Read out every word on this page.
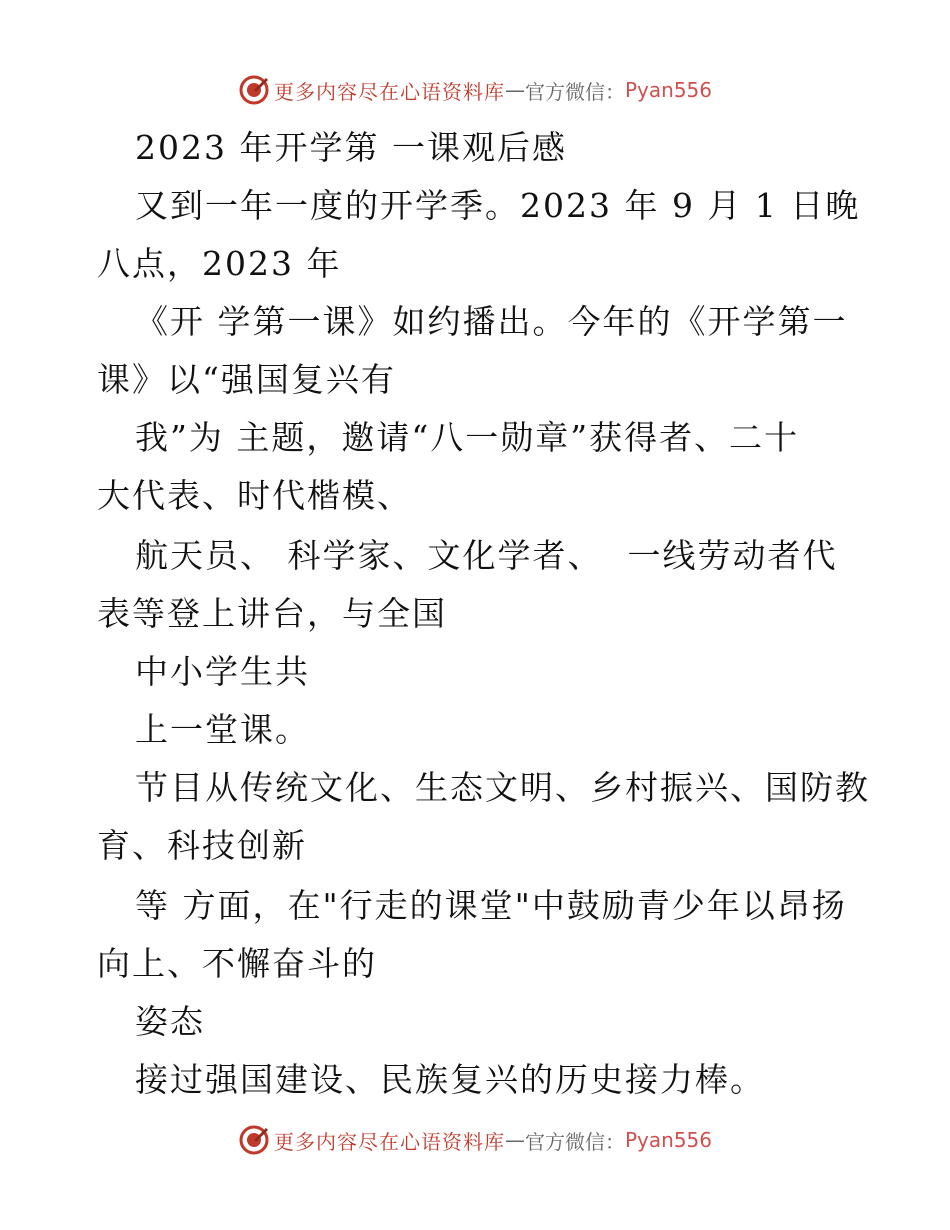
更多内容尽在心语资料库 — 官方微信： Pyan556
2023 年开学第 一课观后感
又到一年一度的开学季。2023 年 9 月 1 日晚
八点，2023 年
《开 学第一课》如约播出。今年的《开学第一
课》以“强国复兴有
我”为 主题，邀请“八一勋章”获得者、二十
大代表、时代楷模、
航天员、 科学家、文化学者、  一线劳动者代
表等登上讲台，与全国
中小学生共
上一堂课。
节目从传统文化、生态文明、乡村振兴、国防教
育、科技创新
等 方面，在"行走的课堂"中鼓励青少年以昂扬
向上、不懈奋斗的
姿态
接过强国建设、民族复兴的历史接力棒。
更多内容尽在心语资料库 — 官方微信： Pyan556
